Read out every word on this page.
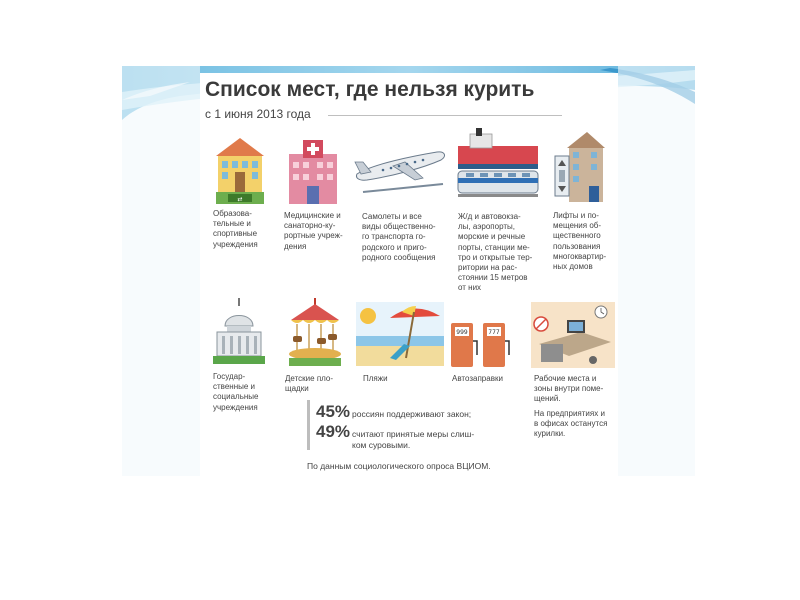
Список мест, где нельзя курить
с 1 июня 2013 года
⇄
999	777
Образова-
тельные и
спортивные
учреждения
Медицинские и
санаторно-ку-
рортные учреж-
дения
Самолеты и все
виды общественно-
го транспорта го-
родского и приго-
родного сообщения
Ж/д и автовокза-
лы, аэропорты,
морские и речные
порты, станции ме-
тро и открытые тер-
ритории на рас-
стоянии 15 метров
от них
Лифты и по-
мещения об-
щественного
пользования
многоквартир-
ных домов
Государ-
ственные и
социальные
учреждения
Детские пло-
щадки
Пляжи	Автозаправки	Рабочие места и
зоны внутри поме-
щений.
На предприятиях и
в офисах останутся
курилки.
45% россиян поддерживают закон;
49% считают принятые меры слиш-
ком суровыми.
По данным социологического опроса ВЦИОМ.
